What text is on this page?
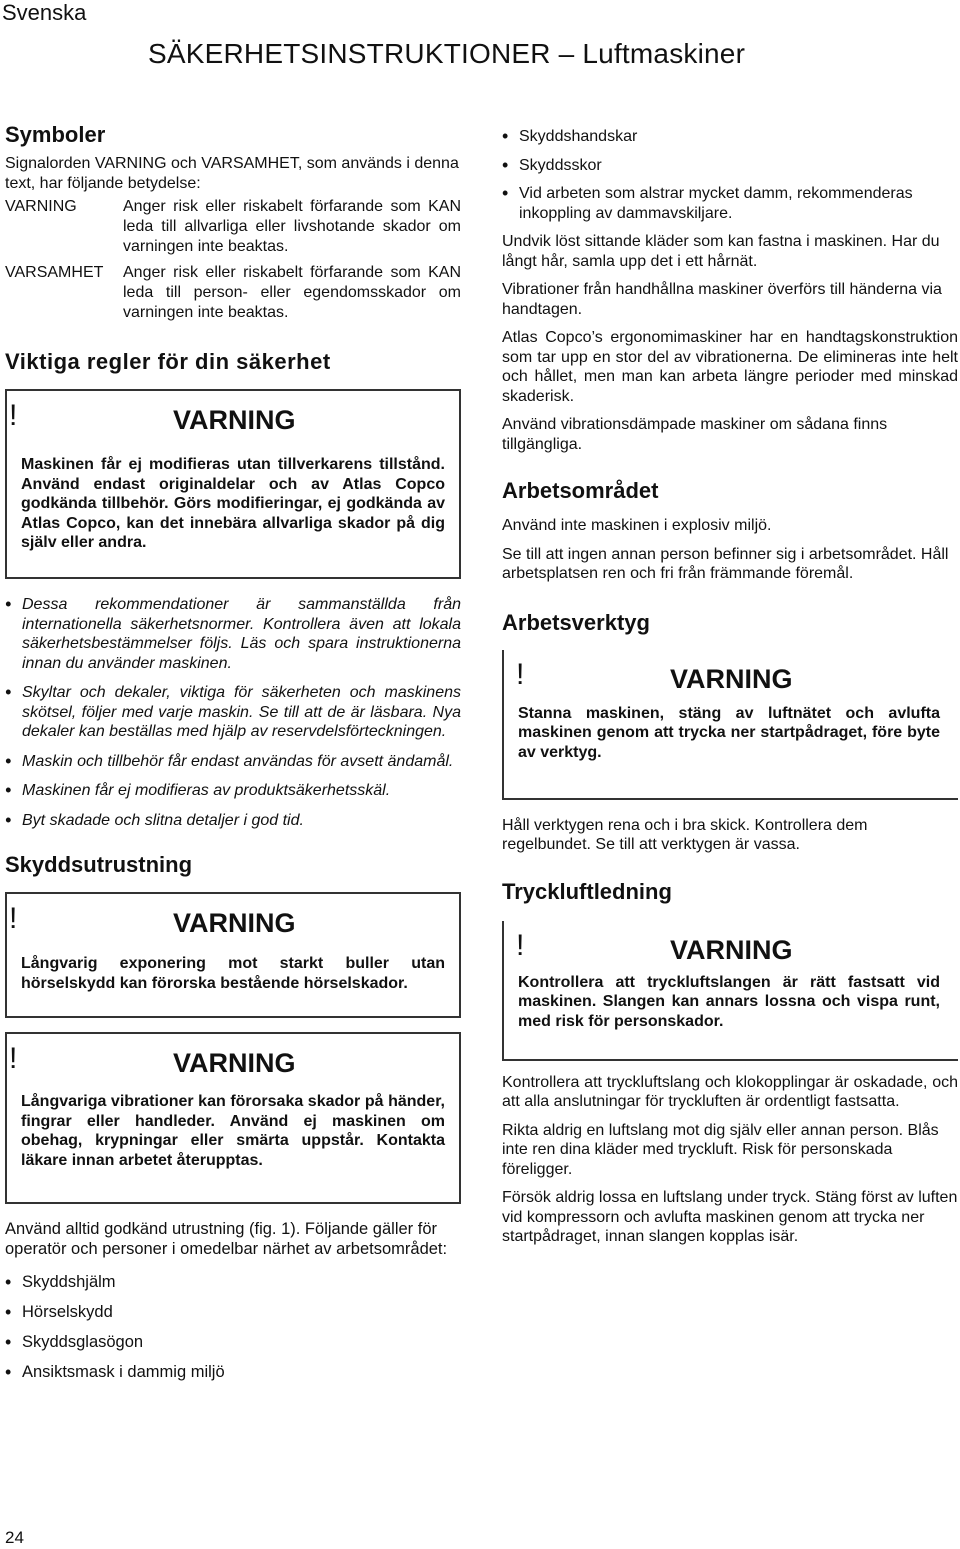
Svenska
SÄKERHETSINSTRUKTIONER – Luftmaskiner
Symboler

Signalorden VARNING och VARSAMHET, som används i denna text, har följande betydelse:

VARNING	Anger risk eller riskabelt förfarande som KAN leda till allvarliga eller livshotande skador om varningen inte beaktas.
VARSAMHET	Anger risk eller riskabelt förfarande som KAN leda till person- eller egendomsskador om varningen inte beaktas.
Viktiga regler för din säkerhet
!	VARNING
Maskinen får ej modifieras utan tillverkarens tillstånd. Använd endast originaldelar och av Atlas Copco godkända tillbehör. Görs modifieringar, ej godkända av Atlas Copco, kan det innebära allvarliga skador på dig själv eller andra.
• Dessa rekommendationer är sammanställda från internationella säkerhetsnormer. Kontrollera även att lokala säkerhetsbestämmelser följs. Läs och spara instruktionerna innan du använder maskinen.
• Skyltar och dekaler, viktiga för säkerheten och maskinens skötsel, följer med varje maskin. Se till att de är läsbara. Nya dekaler kan beställas med hjälp av reservdelsförteckningen.
• Maskin och tillbehör får endast användas för avsett ändamål.
• Maskinen får ej modifieras av produktsäkerhetsskäl.
• Byt skadade och slitna detaljer i god tid.
Skyddsutrustning
!	VARNING
Långvarig exponering mot starkt buller utan hörselskydd kan förorska bestående hörselskador.
!	VARNING
Långvariga vibrationer kan förorsaka skador på händer, fingrar eller handleder. Använd ej maskinen om obehag, krypningar eller smärta uppstår. Kontakta läkare innan arbetet återupptas.

Använd alltid godkänd utrustning (fig. 1). Följande gäller för operatör och personer i omedelbar närhet av arbetsområdet:

• Skyddshjälm
• Hörselskydd
• Skyddsglasögon
• Ansiktsmask i dammig miljö
• Skyddshandskar
• Skyddsskor
• Vid arbeten som alstrar mycket damm, rekommenderas inkoppling av dammavskiljare.

Undvik löst sittande kläder som kan fastna i maskinen. Har du långt hår, samla upp det i ett hårnät.

Vibrationer från handhållna maskiner överförs till händerna via handtagen.

Atlas Copco’s ergonomimaskiner har en handtagskonstruktion som tar upp en stor del av vibrationerna. De elimineras inte helt och hållet, men man kan arbeta längre perioder med minskad skaderisk.

Använd vibrationsdämpade maskiner om sådana finns tillgängliga.

Arbetsområdet

Använd inte maskinen i explosiv miljö.

Se till att ingen annan person befinner sig i arbetsområdet. Håll arbetsplatsen ren och fri från främmande föremål.

Arbetsverktyg
!	VARNING
Stanna maskinen, stäng av luftnätet och avlufta maskinen genom att trycka ner startpådraget, före byte av verktyg.

Håll verktygen rena och i bra skick. Kontrollera dem regelbundet. Se till att verktygen är vassa.

Tryckluftledning
!	VARNING
Kontrollera att tryckluftslangen är rätt fastsatt vid maskinen. Slangen kan annars lossna och vispa runt, med risk för personskador.

Kontrollera att tryckluftslang och klokopplingar är oskadade, och att alla anslutningar för tryckluften är ordentligt fastsatta.

Rikta aldrig en luftslang mot dig själv eller annan person. Blås inte ren dina kläder med tryckluft. Risk för personskada föreligger.

Försök aldrig lossa en luftslang under tryck. Stäng först av luften vid kompressorn och avlufta maskinen genom att trycka ner startpådraget, innan slangen kopplas isär.

24
